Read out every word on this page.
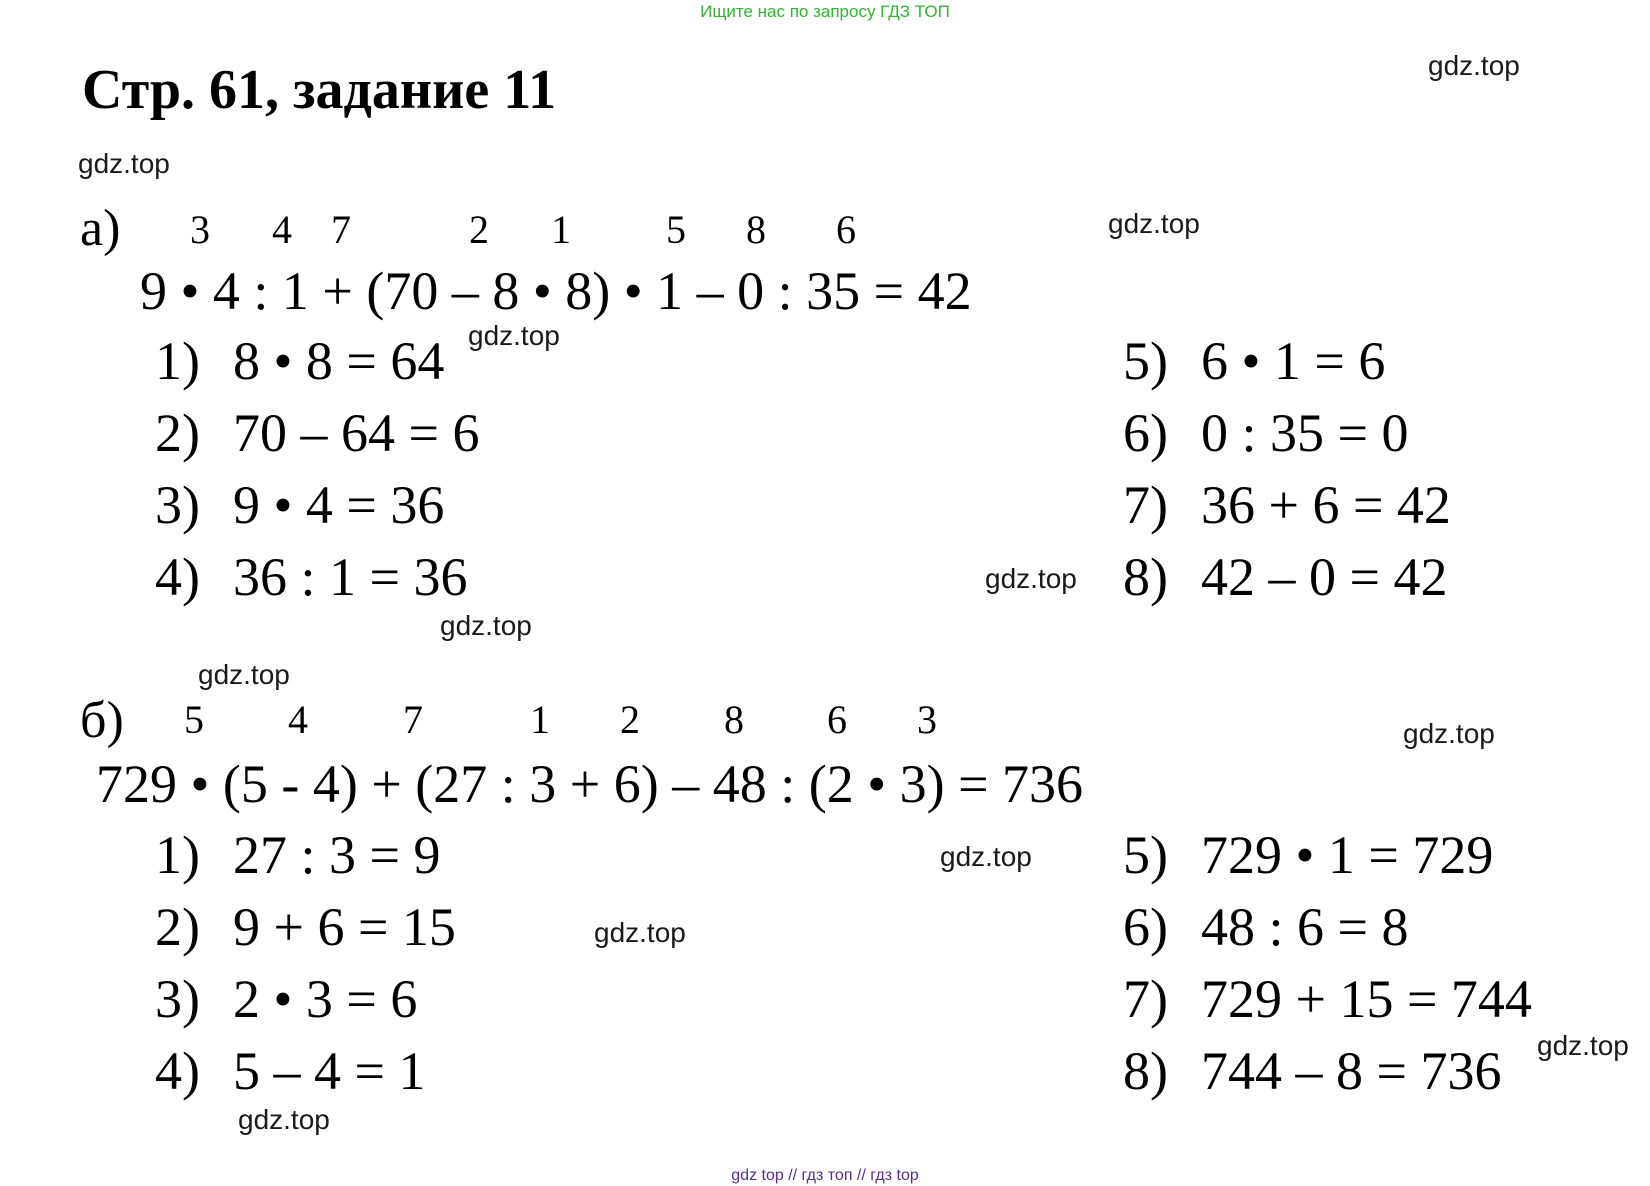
Ищите нас по запросу ГДЗ ТОП
Стр. 61, задание 11	gdz.top
gdz.top
gdz.top
gdz.top
gdz.top
gdz.top
gdz.top
gdz.top
gdz.top
gdz.top
gdz.top
gdz.top
а) 3 4 7	2 1 5 8 6
9 • 4 : 1 + (70 – 8 • 8) • 1 – 0 : 35 = 42
1) 8 • 8 = 64
2) 70 – 64 = 6
3) 9 • 4 = 36
4) 36 : 1 = 36
5) 6 • 1 = 6
6) 0 : 35 = 0
7) 36 + 6 = 42
8) 42 – 0 = 42
б) 5 4 7	1 2 8 6 3
729 • (5 - 4) + (27 : 3 + 6) – 48 : (2 • 3) = 736
1) 27 : 3 = 9
2) 9 + 6 = 15
3) 2 • 3 = 6
4) 5 – 4 = 1
5) 729 • 1 = 729
6) 48 : 6 = 8
7) 729 + 15 = 744
8) 744 – 8 = 736
gdz top // гдз топ // гдз top
